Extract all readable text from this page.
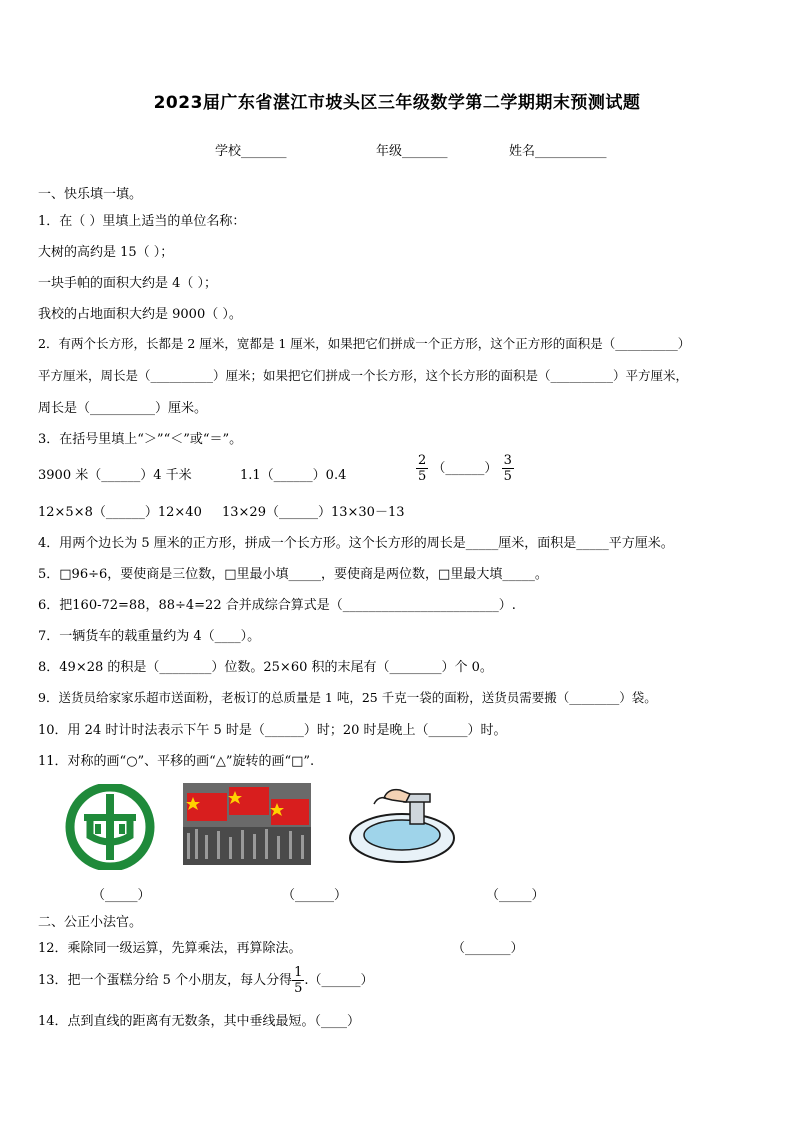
2023届广东省湛江市坡头区三年级数学第二学期期末预测试题
学校_______	年级_______	姓名___________
一、快乐填一填。
1．在（ ）里填上适当的单位名称：
大树的高约是 15（ ）；
一块手帕的面积大约是 4（ ）；
我校的占地面积大约是 9000（ ）。
2．有两个长方形，长都是 2 厘米，宽都是 1 厘米，如果把它们拼成一个正方形，这个正方形的面积是（__________）
平方厘米，周长是（__________）厘米；如果把它们拼成一个长方形，这个长方形的面积是（__________）平方厘米，
周长是（__________）厘米。
3．在括号里填上“＞”“＜”或“＝”。
3900 米（______）4 千米	1.1（______）0.4	$\frac{2}{5}$ （______） $\frac{3}{5}$
12×5×8（______）12×40 13×29（______）13×30－13
4．用两个边长为 5 厘米的正方形，拼成一个长方形。这个长方形的周长是_____厘米，面积是_____平方厘米。
5．□96÷6，要使商是三位数，□里最小填_____，要使商是两位数，□里最大填_____。
6．把160-72=88，88÷4=22 合并成综合算式是（________________________）.
7．一辆货车的载重量约为 4（____）。
8．49×28 的积是（________）位数。25×60 积的末尾有（________）个 0。
9．送货员给家家乐超市送面粉，老板订的总质量是 1 吨，25 千克一袋的面粉，送货员需要搬（________）袋。
10．用 24 时计时法表示下午 5 时是（______）时；20 时是晚上（______）时。
11．对称的画“○”、平移的画“△”旋转的画“□”.
（_____）	（______）	（_____）
二、公正小法官。
12．乘除同一级运算，先算乘法，再算除法。	（_______）
13．把一个蛋糕分给 5 个小朋友，每人分得 $\frac{1}{5}$ .（______）
14．点到直线的距离有无数条，其中垂线最短。（____）
